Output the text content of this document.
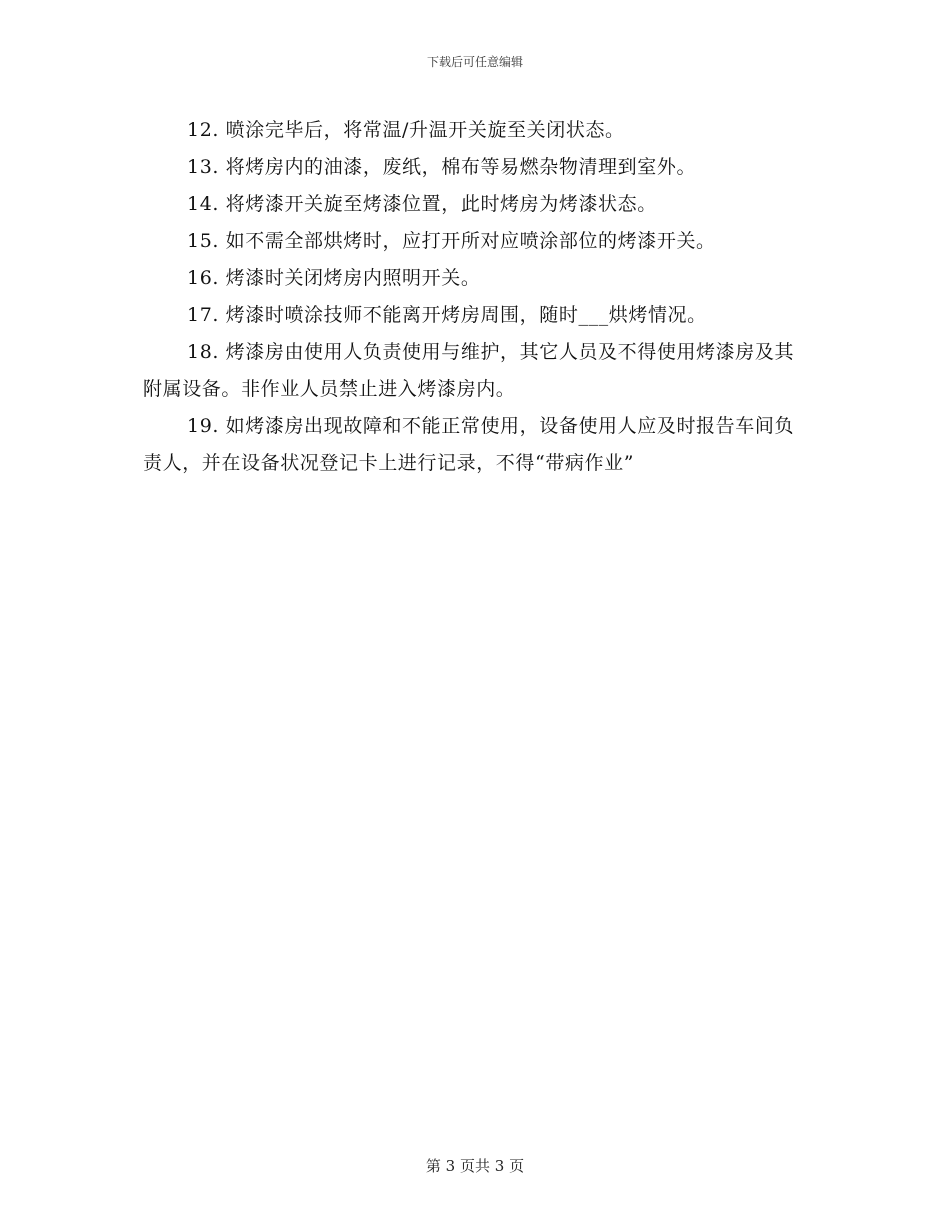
下载后可任意编辑

12. 喷涂完毕后，将常温/升温开关旋至关闭状态。

13. 将烤房内的油漆，废纸，棉布等易燃杂物清理到室外。

14. 将烤漆开关旋至烤漆位置，此时烤房为烤漆状态。

15. 如不需全部烘烤时，应打开所对应喷涂部位的烤漆开关。

16. 烤漆时关闭烤房内照明开关。

17. 烤漆时喷涂技师不能离开烤房周围，随时___烘烤情况。

18. 烤漆房由使用人负责使用与维护，其它人员及不得使用烤漆房及其附属设备。非作业人员禁止进入烤漆房内。

19. 如烤漆房出现故障和不能正常使用，设备使用人应及时报告车间负责人，并在设备状况登记卡上进行记录，不得“带病作业”

第 3 页共 3 页
